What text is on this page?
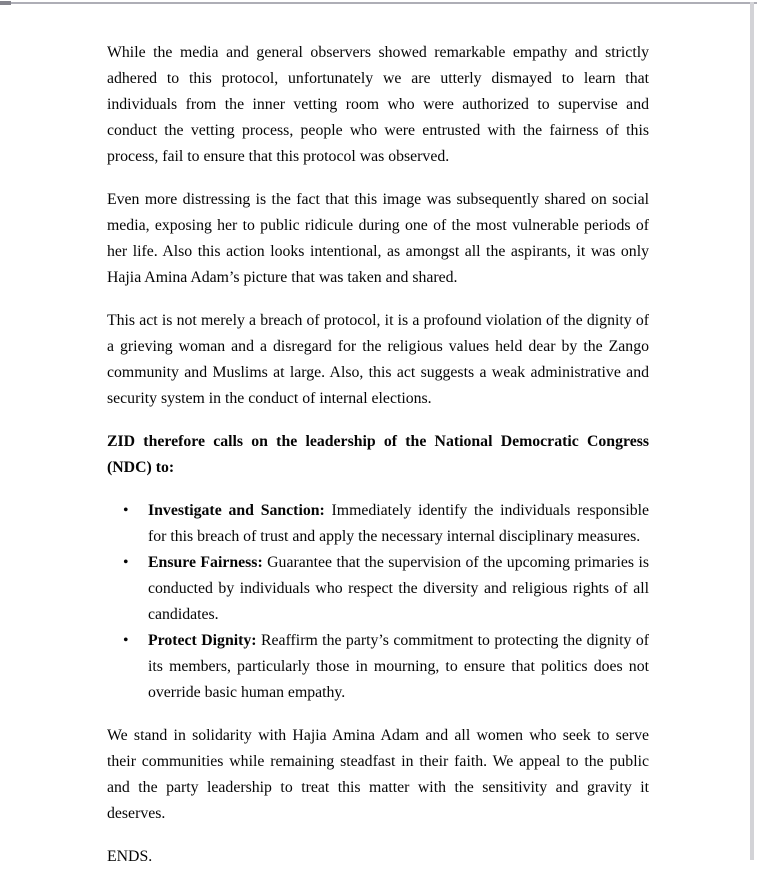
While the media and general observers showed remarkable empathy and strictly adhered to this protocol, unfortunately we are utterly dismayed to learn that individuals from the inner vetting room who were authorized to supervise and conduct the vetting process, people who were entrusted with the fairness of this process, fail to ensure that this protocol was observed.

Even more distressing is the fact that this image was subsequently shared on social media, exposing her to public ridicule during one of the most vulnerable periods of her life. Also this action looks intentional, as amongst all the aspirants, it was only Hajia Amina Adam’s picture that was taken and shared.

This act is not merely a breach of protocol, it is a profound violation of the dignity of a grieving woman and a disregard for the religious values held dear by the Zango community and Muslims at large. Also, this act suggests a weak administrative and security system in the conduct of internal elections.

ZID therefore calls on the leadership of the National Democratic Congress (NDC) to:

• Investigate and Sanction: Immediately identify the individuals responsible for this breach of trust and apply the necessary internal disciplinary measures.
• Ensure Fairness: Guarantee that the supervision of the upcoming primaries is conducted by individuals who respect the diversity and religious rights of all candidates.
• Protect Dignity: Reaffirm the party’s commitment to protecting the dignity of its members, particularly those in mourning, to ensure that politics does not override basic human empathy.

We stand in solidarity with Hajia Amina Adam and all women who seek to serve their communities while remaining steadfast in their faith. We appeal to the public and the party leadership to treat this matter with the sensitivity and gravity it deserves.

ENDS.
